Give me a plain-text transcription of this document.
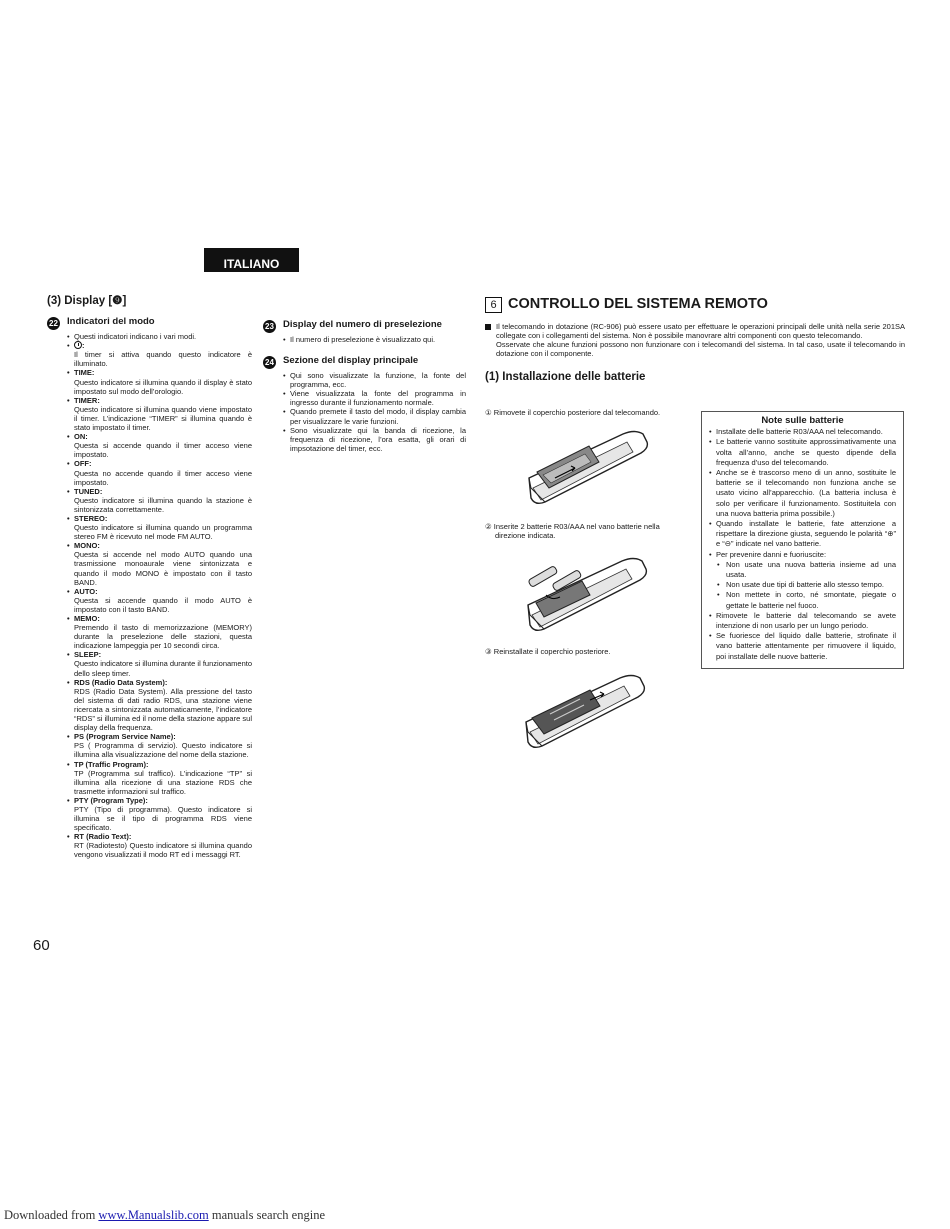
ITALIANO
(3) Display [❾]
22 Indicatori del modo
• Questi indicatori indicano i vari modi.
• :
Il timer si attiva quando questo indicatore è illuminato.
• TIME:
Questo indicatore si illumina quando il display è stato impostato sul modo dell’orologio.
• TIMER:
Questo indicatore si illumina quando viene impostato il timer. L’indicazione “TIMER” si illumina quando è stato impostato il timer.
• ON:
Questa si accende quando il timer acceso viene impostato.
• OFF:
Questa no accende quando il timer acceso viene impostato.
• TUNED:
Questo indicatore si illumina quando la stazione è sintonizzata correttamente.
• STEREO:
Questo indicatore si illumina quando un programma stereo FM è ricevuto nel mode FM AUTO.
• MONO:
Questa si accende nel modo AUTO quando una trasmissione monoaurale viene sintonizzata e quando il modo MONO è impostato con il tasto BAND.
• AUTO:
Questa si accende quando il modo AUTO è impostato con il tasto BAND.
• MEMO:
Premendo il tasto di memorizzazione (MEMORY) durante la preselezione delle stazioni, questa indicazione lampeggia per 10 secondi circa.
• SLEEP:
Questo indicatore si illumina durante il funzionamento dello sleep timer.
• RDS (Radio Data System):
RDS (Radio Data System). Alla pressione del tasto del sistema di dati radio RDS, una stazione viene ricercata a sintonizzata automaticamente, l’indicatore “RDS” si illumina ed il nome della stazione appare sul display della frequenza.
• PS (Program Service Name):
PS ( Programma di servizio). Questo indicatore si illumina alla visualizzazione del nome della stazione.
• TP (Traffic Program):
TP (Programma sul traffico). L’indicazione “TP” si illumina alla ricezione di una stazione RDS che trasmette informazioni sul traffico.
• PTY (Program Type):
PTY (Tipo di programma). Questo indicatore si illumina se il tipo di programma RDS viene specificato.
• RT (Radio Text):
RT (Radiotesto) Questo indicatore si illumina quando vengono visualizzati il modo RT ed i messaggi RT.
23 Display del numero di preselezione
• Il numero di preselezione è visualizzato qui.
24 Sezione del display principale
• Qui sono visualizzate la funzione, la fonte del programma, ecc.
• Viene visualizzata la fonte del programma in ingresso durante il funzionamento normale.
• Quando premete il tasto del modo, il display cambia per visualizzare le varie funzioni.
• Sono visualizzate qui la banda di ricezione, la frequenza di ricezione, l’ora esatta, gli orari di impsotazione del timer, ecc.
6 CONTROLLO DEL SISTEMA REMOTO
Il telecomando in dotazione (RC-906) può essere usato per effettuare le operazioni principali delle unità nella serie 201SA collegate con i collegamenti del sistema. Non è possibile manovrare altri componenti con questo telecomando.
Osservate che alcune funzioni possono non funzionare con i telecomandi del sistema. In tal caso, usate il telecomando in dotazione con il componente.
(1) Installazione delle batterie
① Rimovete il coperchio posteriore dal telecomando.
② Inserite 2 batterie R03/AAA nel vano batterie nella direzione indicata.
③ Reinstallate il coperchio posteriore.
Note sulle batterie
• Installate delle batterie R03/AAA nel telecomando.
• Le batterie vanno sostituite approssimativamente una volta all’anno, anche se questo dipende della frequenza d’uso del telecomando.
• Anche se è trascorso meno di un anno, sostituite le batterie se il telecomando non funziona anche se usato vicino all’apparecchio. (La batteria inclusa è solo per verificare il funzionamento. Sostituitela con una nuova batteria prima possibile.)
• Quando installate le batterie, fate attenzione a rispettare la direzione giusta, seguendo le polarità “⊕” e “⊖” indicate nel vano batterie.
• Per prevenire danni e fuoriuscite:
• Non usate una nuova batteria insieme ad una usata.
• Non usate due tipi di batterie allo stesso tempo.
• Non mettete in corto, né smontate, piegate o gettate le batterie nel fuoco.
• Rimovete le batterie dal telecomando se avete intenzione di non usarlo per un lungo periodo.
• Se fuoriesce del liquido dalle batterie, strofinate il vano batterie attentamente per rimuovere il liquido, poi installate delle nuove batterie.
60
Downloaded from www.Manualslib.com manuals search engine
